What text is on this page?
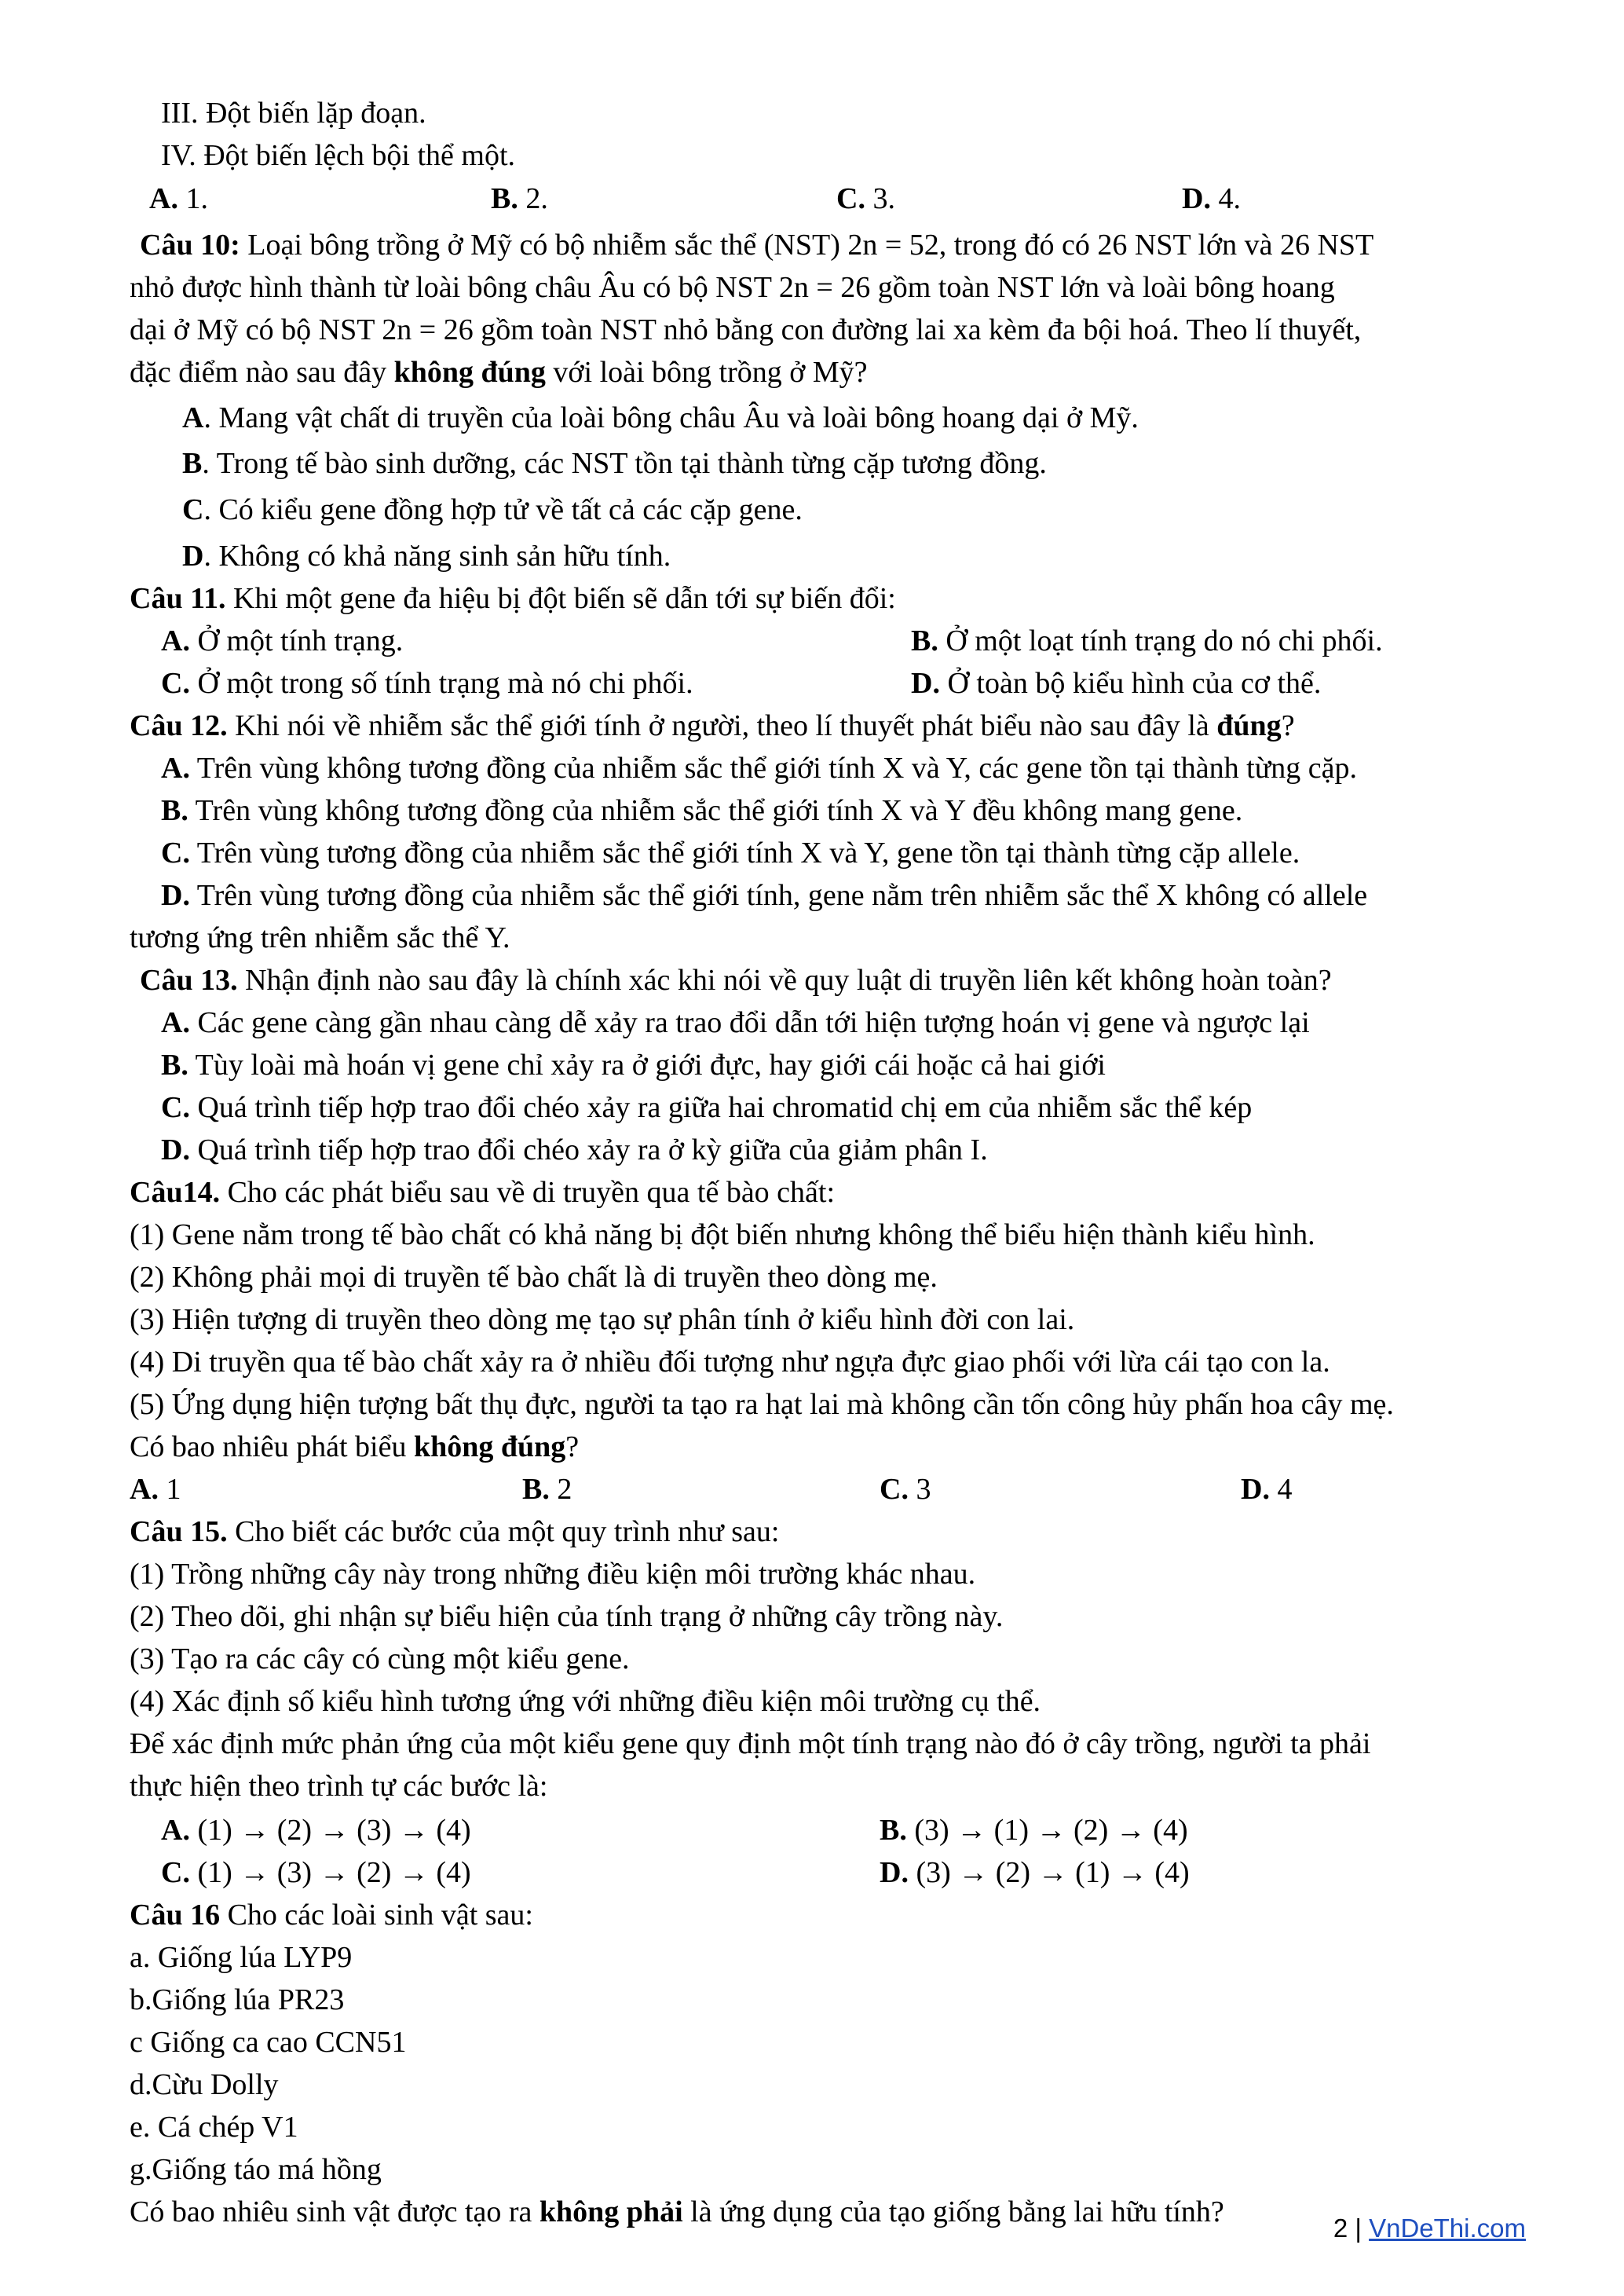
III. Đột biến lặp đoạn.
IV. Đột biến lệch bội thể một.
A. 1.	B. 2.	C. 3.	D. 4.
Câu 10: Loại bông trồng ở Mỹ có bộ nhiễm sắc thể (NST) 2n = 52, trong đó có 26 NST lớn và 26 NST
nhỏ được hình thành từ loài bông châu Âu có bộ NST 2n = 26 gồm toàn NST lớn và loài bông hoang
dại ở Mỹ có bộ NST 2n = 26 gồm toàn NST nhỏ bằng con đường lai xa kèm đa bội hoá. Theo lí thuyết,
đặc điểm nào sau đây không đúng với loài bông trồng ở Mỹ?
A. Mang vật chất di truyền của loài bông châu Âu và loài bông hoang dại ở Mỹ.
B. Trong tế bào sinh dưỡng, các NST tồn tại thành từng cặp tương đồng.
C. Có kiểu gene đồng hợp tử về tất cả các cặp gene.
D. Không có khả năng sinh sản hữu tính.
Câu 11. Khi một gene đa hiệu bị đột biến sẽ dẫn tới sự biến đổi:
A. Ở một tính trạng.	B. Ở một loạt tính trạng do nó chi phối.
C. Ở một trong số tính trạng mà nó chi phối.	D. Ở toàn bộ kiểu hình của cơ thể.
Câu 12. Khi nói về nhiễm sắc thể giới tính ở người, theo lí thuyết phát biểu nào sau đây là đúng?
A. Trên vùng không tương đồng của nhiễm sắc thể giới tính X và Y, các gene tồn tại thành từng cặp.
B. Trên vùng không tương đồng của nhiễm sắc thể giới tính X và Y đều không mang gene.
C. Trên vùng tương đồng của nhiễm sắc thể giới tính X và Y, gene tồn tại thành từng cặp allele.
D. Trên vùng tương đồng của nhiễm sắc thể giới tính, gene nằm trên nhiễm sắc thể X không có allele
tương ứng trên nhiễm sắc thể Y.
Câu 13. Nhận định nào sau đây là chính xác khi nói về quy luật di truyền liên kết không hoàn toàn?
A. Các gene càng gần nhau càng dễ xảy ra trao đổi dẫn tới hiện tượng hoán vị gene và ngược lại
B. Tùy loài mà hoán vị gene chỉ xảy ra ở giới đực, hay giới cái hoặc cả hai giới
C. Quá trình tiếp hợp trao đổi chéo xảy ra giữa hai chromatid chị em của nhiễm sắc thể kép
D. Quá trình tiếp hợp trao đổi chéo xảy ra ở kỳ giữa của giảm phân I.
Câu14. Cho các phát biểu sau về di truyền qua tế bào chất:
(1) Gene nằm trong tế bào chất có khả năng bị đột biến nhưng không thể biểu hiện thành kiểu hình.
(2) Không phải mọi di truyền tế bào chất là di truyền theo dòng mẹ.
(3) Hiện tượng di truyền theo dòng mẹ tạo sự phân tính ở kiểu hình đời con lai.
(4) Di truyền qua tế bào chất xảy ra ở nhiều đối tượng như ngựa đực giao phối với lừa cái tạo con la.
(5) Ứng dụng hiện tượng bất thụ đực, người ta tạo ra hạt lai mà không cần tốn công hủy phấn hoa cây mẹ.
Có bao nhiêu phát biểu không đúng?
A. 1	B. 2	C. 3	D. 4
Câu 15. Cho biết các bước của một quy trình như sau:
(1) Trồng những cây này trong những điều kiện môi trường khác nhau.
(2) Theo dõi, ghi nhận sự biểu hiện của tính trạng ở những cây trồng này.
(3) Tạo ra các cây có cùng một kiểu gene.
(4) Xác định số kiểu hình tương ứng với những điều kiện môi trường cụ thể.
Để xác định mức phản ứng của một kiểu gene quy định một tính trạng nào đó ở cây trồng, người ta phải
thực hiện theo trình tự các bước là:
A. (1) → (2) → (3) → (4)	B. (3) → (1) → (2) → (4)
C. (1) → (3) → (2) → (4)	D. (3) → (2) → (1) → (4)
Câu 16 Cho các loài sinh vật sau:
a. Giống lúa LYP9
b.Giống lúa PR23
c Giống ca cao CCN51
d.Cừu Dolly
e. Cá chép V1
g.Giống táo má hồng
Có bao nhiêu sinh vật được tạo ra không phải là ứng dụng của tạo giống bằng lai hữu tính?	2 | VnDeThi.com
